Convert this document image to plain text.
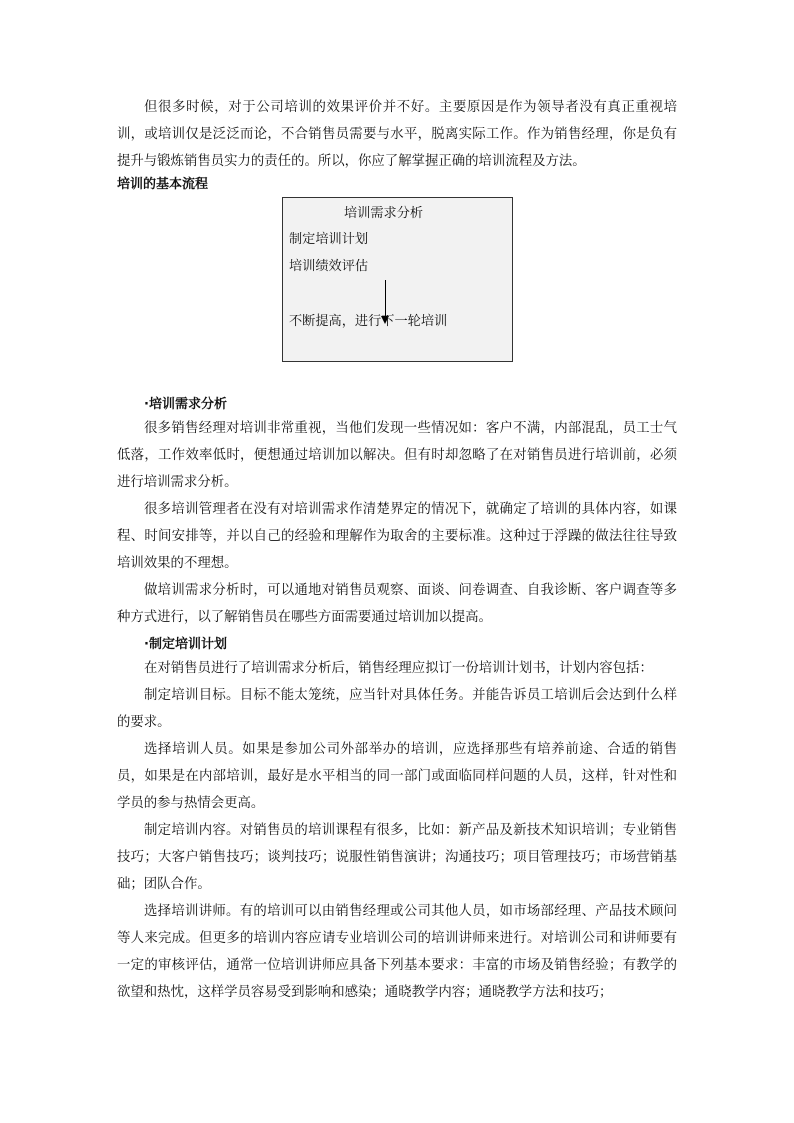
但很多时候，对于公司培训的效果评价并不好。主要原因是作为领导者没有真正重视培训，或培训仅是泛泛而论，不合销售员需要与水平，脱离实际工作。作为销售经理，你是负有提升与锻炼销售员实力的责任的。所以，你应了解掌握正确的培训流程及方法。

培训的基本流程

培训需求分析
制定培训计划
培训绩效评估
不断提高，进行下一轮培训

·培训需求分析

很多销售经理对培训非常重视，当他们发现一些情况如：客户不满，内部混乱，员工士气低落，工作效率低时，便想通过培训加以解决。但有时却忽略了在对销售员进行培训前，必须进行培训需求分析。

很多培训管理者在没有对培训需求作清楚界定的情况下，就确定了培训的具体内容，如课程、时间安排等，并以自己的经验和理解作为取舍的主要标准。这种过于浮躁的做法往往导致培训效果的不理想。

做培训需求分析时，可以通地对销售员观察、面谈、问卷调查、自我诊断、客户调查等多种方式进行，以了解销售员在哪些方面需要通过培训加以提高。

·制定培训计划

在对销售员进行了培训需求分析后，销售经理应拟订一份培训计划书，计划内容包括：

制定培训目标。目标不能太笼统，应当针对具体任务。并能告诉员工培训后会达到什么样的要求。

选择培训人员。如果是参加公司外部举办的培训，应选择那些有培养前途、合适的销售员，如果是在内部培训，最好是水平相当的同一部门或面临同样问题的人员，这样，针对性和学员的参与热情会更高。

制定培训内容。对销售员的培训课程有很多，比如：新产品及新技术知识培训；专业销售技巧；大客户销售技巧；谈判技巧；说服性销售演讲；沟通技巧；项目管理技巧；市场营销基础；团队合作。

选择培训讲师。有的培训可以由销售经理或公司其他人员，如市场部经理、产品技术顾问等人来完成。但更多的培训内容应请专业培训公司的培训讲师来进行。对培训公司和讲师要有一定的审核评估，通常一位培训讲师应具备下列基本要求：丰富的市场及销售经验；有教学的欲望和热忱，这样学员容易受到影响和感染；通晓教学内容；通晓教学方法和技巧；
